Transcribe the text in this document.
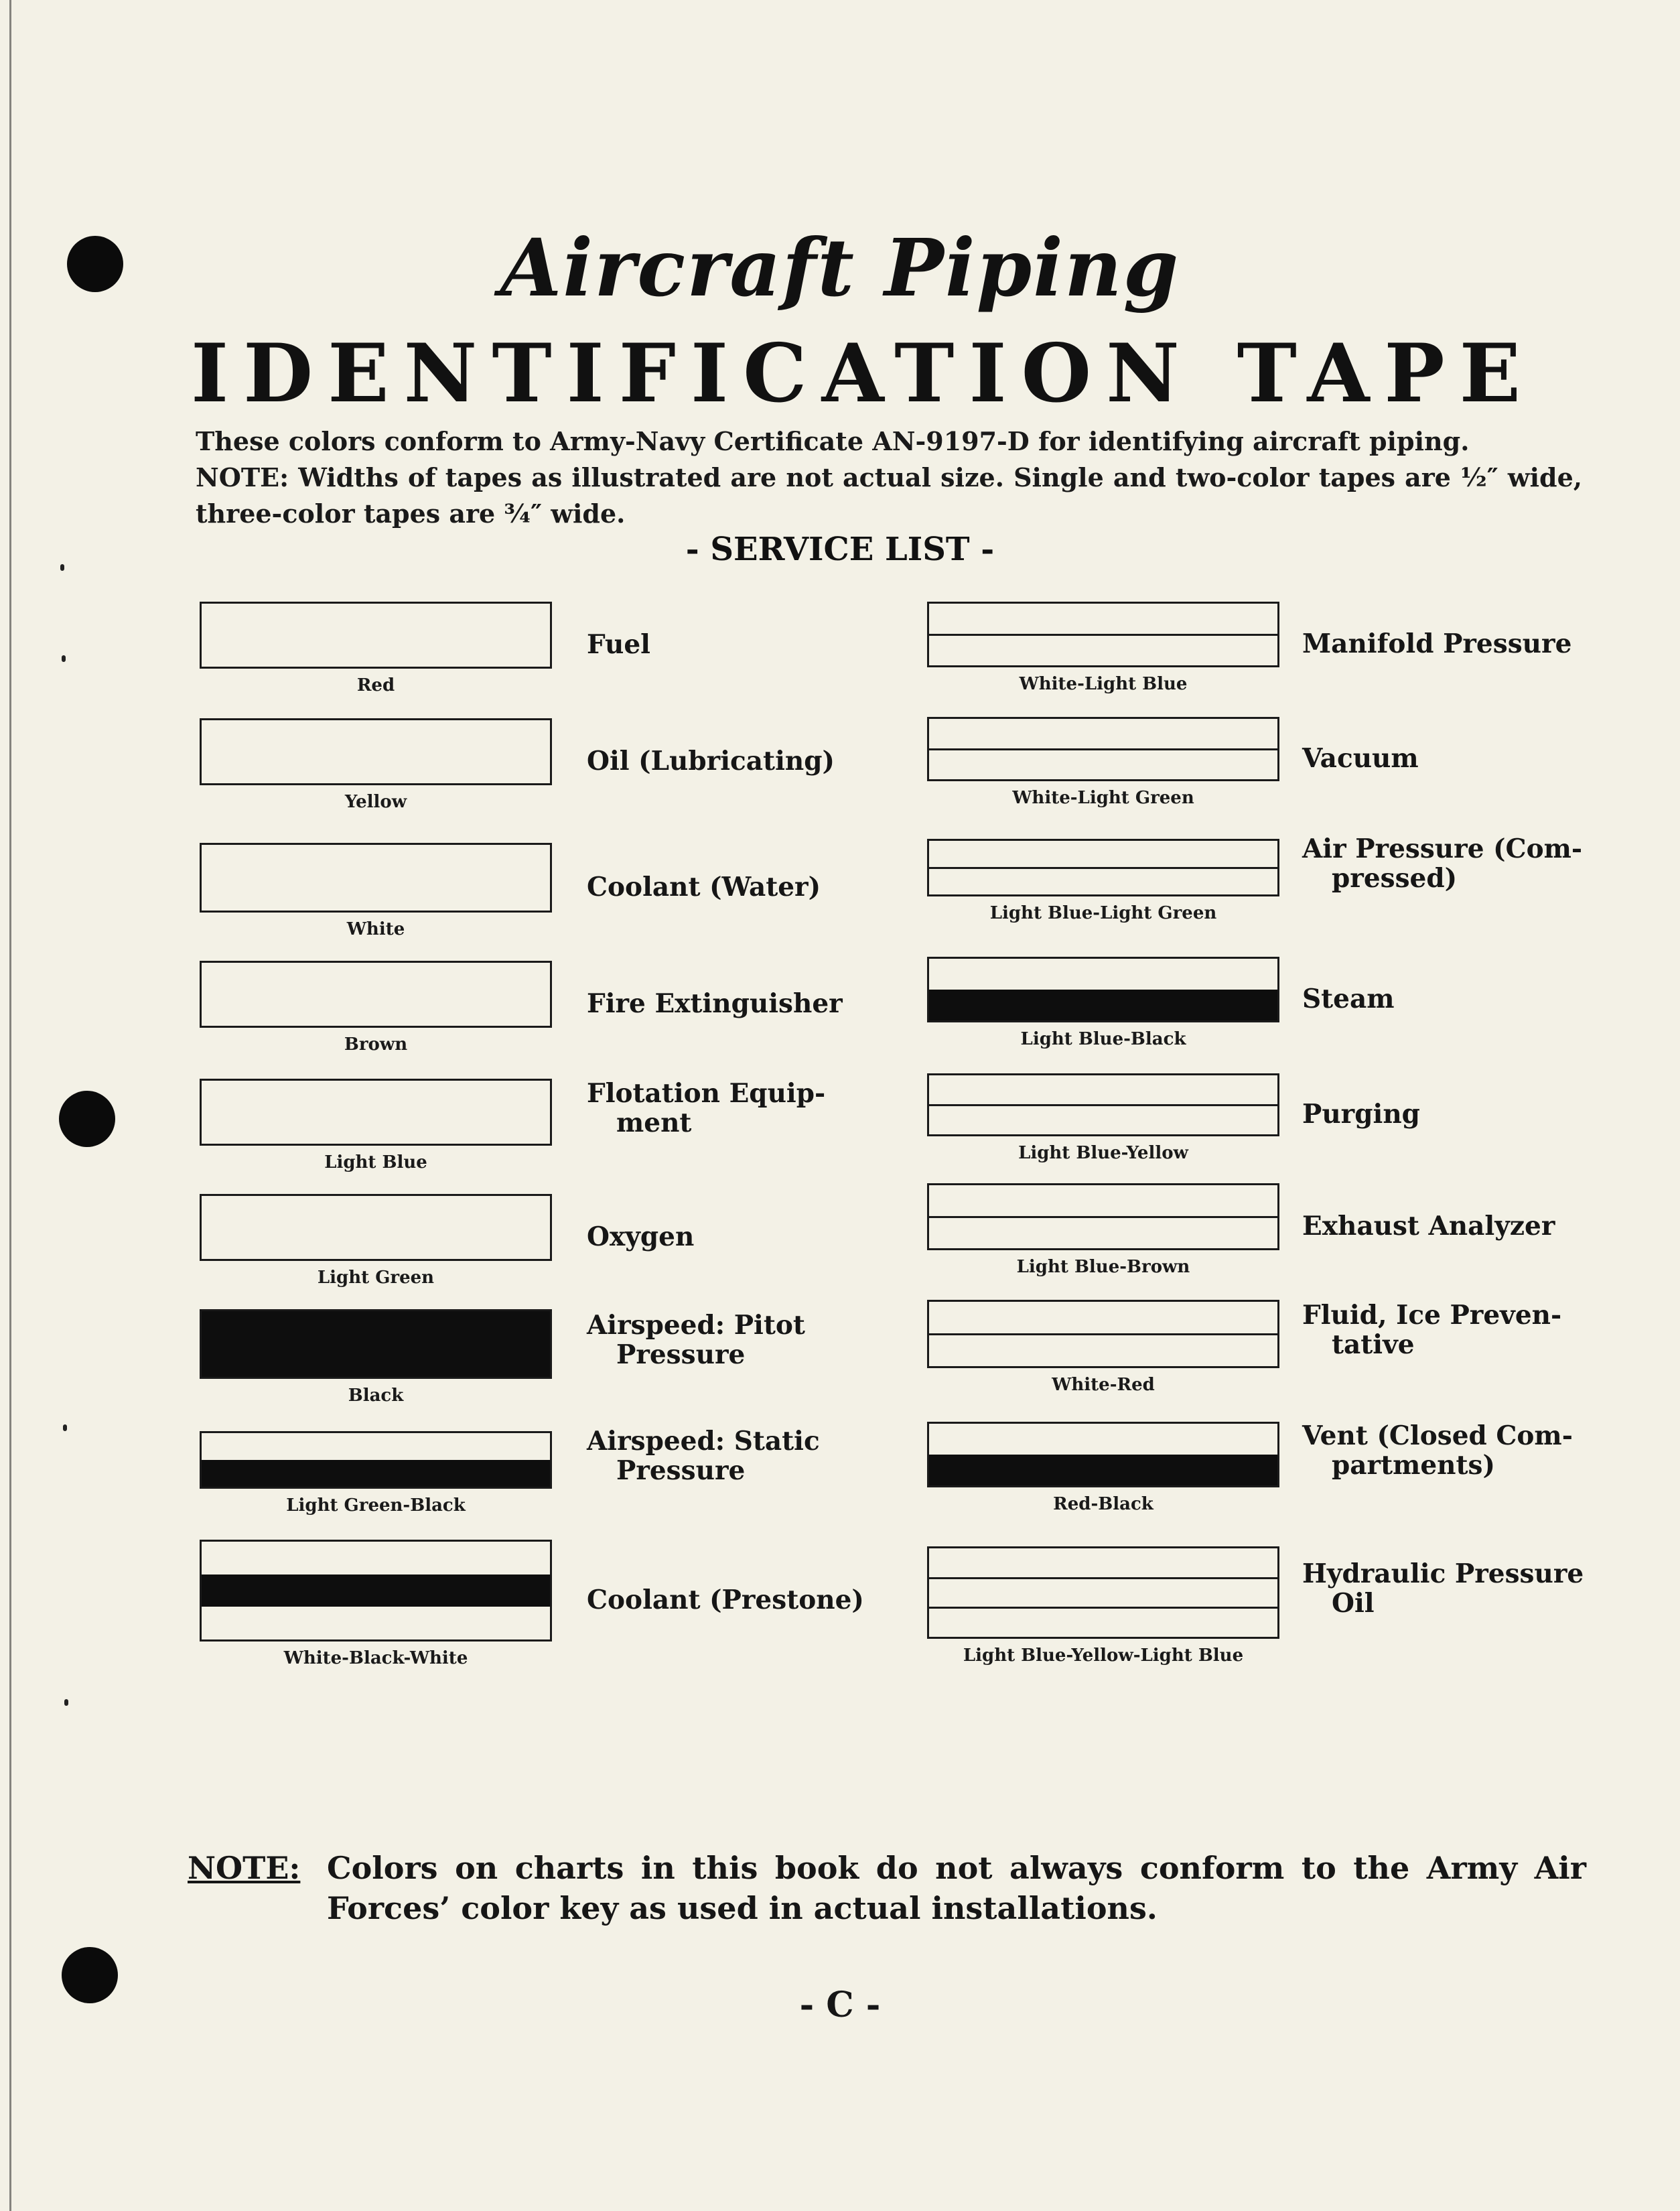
Aircraft Piping
IDENTIFICATION TAPE

These colors conform to Army-Navy Certificate AN-9197-D for identifying aircraft piping.

NOTE: Widths of tapes as illustrated are not actual size. Single and two-color tapes are ½″ wide, three-color tapes are ¾″ wide.

- SERVICE LIST -
Red
Fuel
Yellow
Oil (Lubricating)
White
Coolant (Water)
Brown
Fire Extinguisher
Light Blue
Flotation Equip-
ment
Light Green
Oxygen
Black
Airspeed: Pitot
Pressure
Light Green-Black
Airspeed: Static
Pressure
White-Black-White
Coolant (Prestone)
White-Light Blue
Manifold Pressure
White-Light Green
Vacuum
Light Blue-Light Green
Air Pressure (Com-
pressed)
Light Blue-Black
Steam
Light Blue-Yellow
Purging
Light Blue-Brown
Exhaust Analyzer
White-Red
Fluid, Ice Preven-
tative
Red-Black
Vent (Closed Com-
partments)
Light Blue-Yellow-Light Blue
Hydraulic Pressure
Oil
NOTE: Colors on charts in this book do not always conform to the Army Air Forces’ color key as used in actual installations.
- C -
